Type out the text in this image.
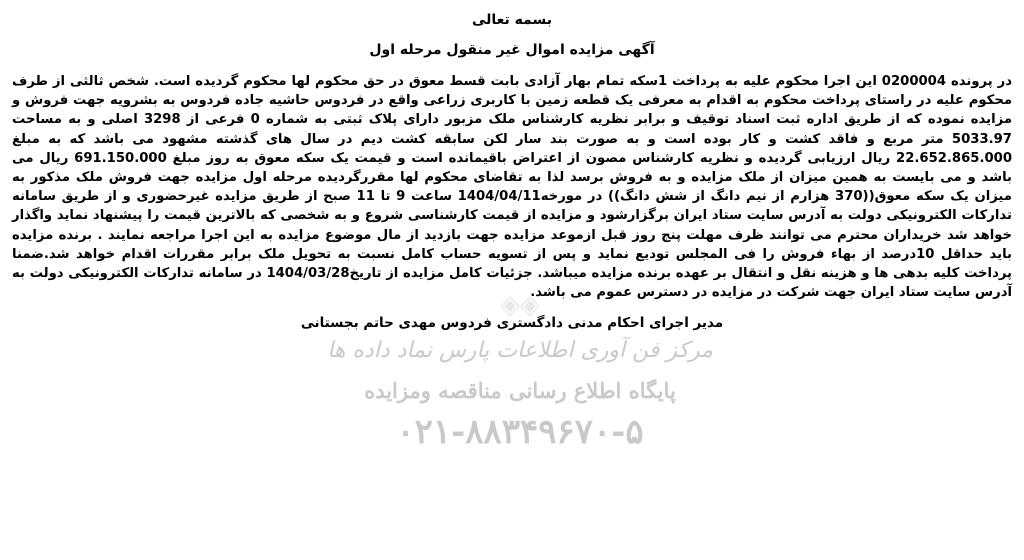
بسمه تعالی

آگهی مزایده اموال غیر منقول مرحله اول

در پرونده 0200004 این اجرا محکوم علیه به پرداخت 1سکه تمام بهار آزادی بابت قسط معوق در حق محکوم لها محکوم گردیده است. شخص ثالثی از طرف محکوم علیه در راستای پرداخت محکوم به اقدام به معرفی یک قطعه زمین با کاربری زراعی واقع در فردوس حاشیه جاده فردوس به بشرویه جهت فروش و مزایده نموده که از طریق اداره ثبت اسناد توقیف و برابر نظریه کارشناس ملک مزبور دارای پلاک ثبتی به شماره 0 فرعی از 3298 اصلی و به مساحت 5033.97 متر مربع و فاقد کشت و کار بوده است و به صورت بند سار لکن سابقه کشت دیم در سال های گذشته مشهود می باشد که به مبلغ 22.652.865.000 ریال ارزیابی گردیده و نظریه کارشناس مصون از اعتراض باقیمانده است و قیمت یک سکه معوق به روز مبلغ 691.150.000 ریال می باشد و می بایست به همین میزان از ملک مزایده و به فروش برسد لذا به تقاضای محکوم لها مقررگردیده مرحله اول مزایده جهت فروش ملک مذکور به میزان یک سکه معوق((370 هزارم از نیم دانگ از شش دانگ)) در مورخه1404/04/11 ساعت 9 تا 11 صبح از طریق مزایده غیرحضوری و از طریق سامانه تدارکات الکترونیکی دولت به آدرس سایت ستاد ایران برگزارشود و مزایده از قیمت کارشناسی شروع و به شخصی که بالاترین قیمت را پیشنهاد نماید واگذار خواهد شد خریداران محترم می توانند ظرف مهلت پنج روز قبل ازموعد مزایده جهت بازدید از مال موضوع مزایده به این اجرا مراجعه نمایند . برنده مزایده باید حداقل 10درصد از بهاء فروش را فی المجلس تودیع نماید و پس از تسویه حساب کامل نسبت به تحویل ملک برابر مقررات اقدام خواهد شد.ضمنا پرداخت کلیه بدهی ها و هزینه نقل و انتقال بر عهده برنده مزایده میباشد. جزئیات کامل مزایده از تاریخ1404/03/28 در سامانه تدارکات الکترونیکی دولت به آدرس سایت ستاد ایران جهت شرکت در مزایده در دسترس عموم می باشد.

مدیر اجرای احکام مدنی دادگستری فردوس مهدی حاتم بجستانی
◈◈
مرکز فن آوری اطلاعات پارس نماد داده ها
پایگاه اطلاع رسانی مناقصه ومزایده
۰۲۱-۸۸۳۴۹۶۷۰-۵
